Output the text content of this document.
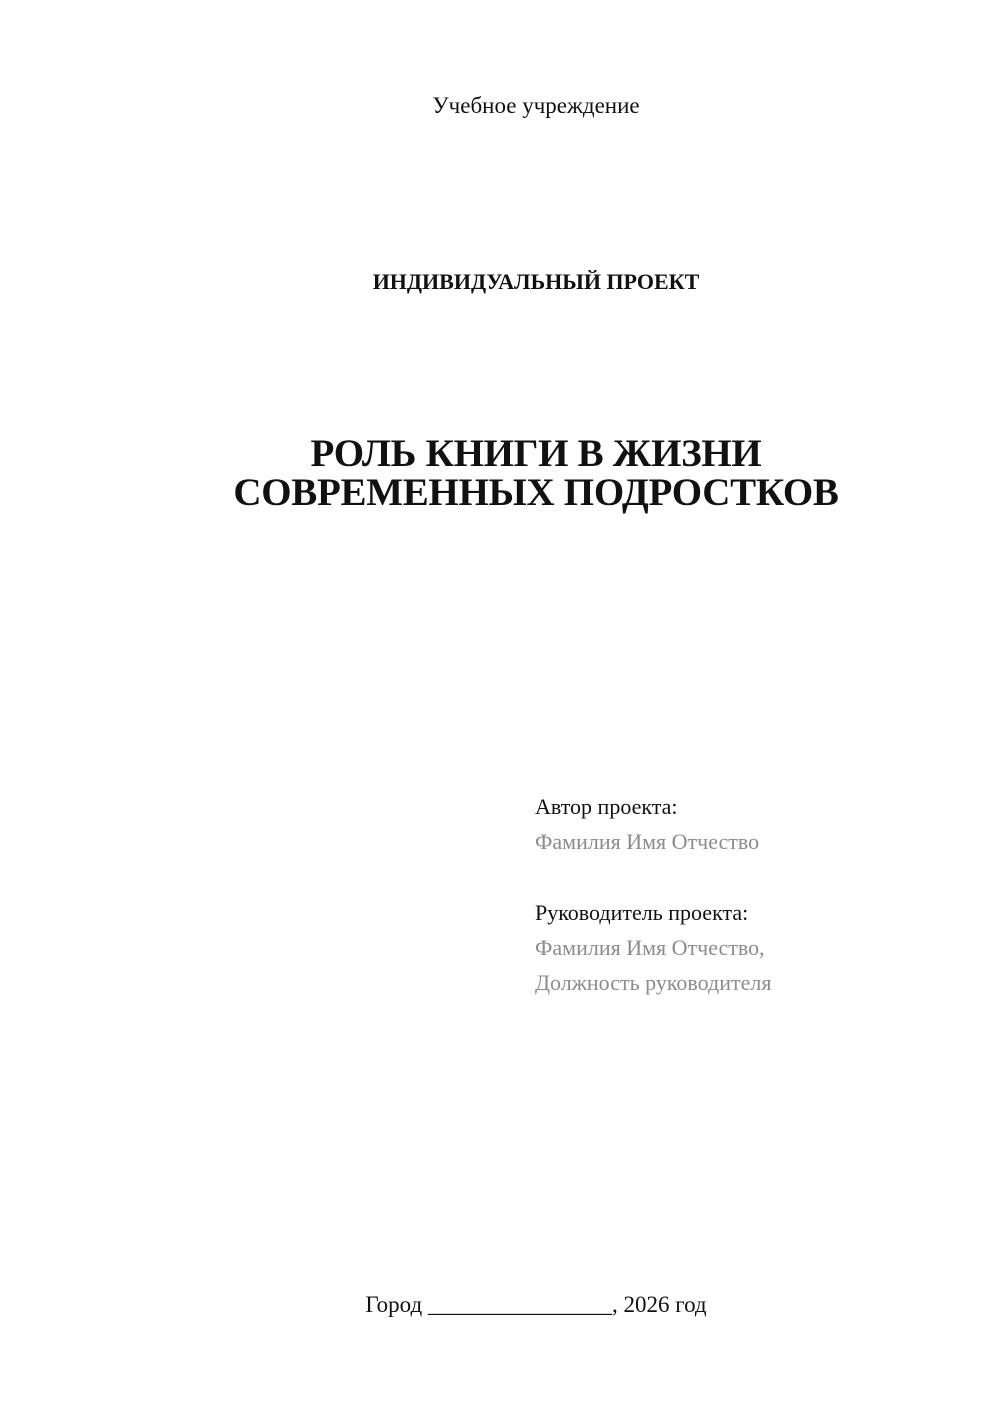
Учебное учреждение
ИНДИВИДУАЛЬНЫЙ ПРОЕКТ
РОЛЬ КНИГИ В ЖИЗНИ
СОВРЕМЕННЫХ ПОДРОСТКОВ
Автор проекта:
Фамилия Имя Отчество
Руководитель проекта:
Фамилия Имя Отчество,
Должность руководителя
Город ________________, 2026 год
